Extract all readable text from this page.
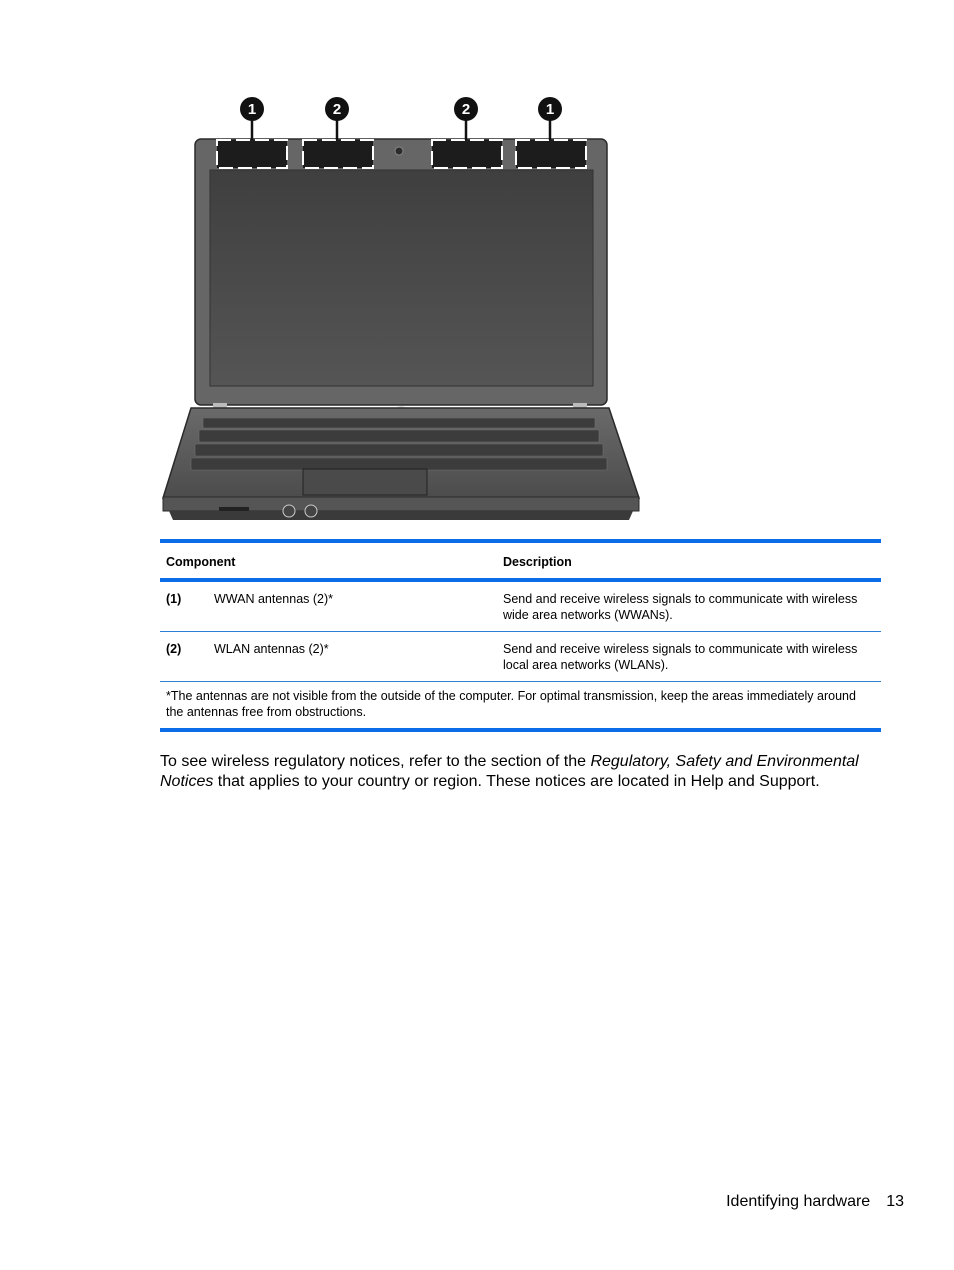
1	2	2	1

Component		Description

(1)	WWAN antennas (2)*	Send and receive wireless signals to communicate with wireless
wide area networks (WWANs).

(2)	WLAN antennas (2)*	Send and receive wireless signals to communicate with wireless
local area networks (WLANs).

*The antennas are not visible from the outside of the computer. For optimal transmission, keep the areas immediately around
the antennas free from obstructions.		

To see wireless regulatory notices, refer to the section of the Regulatory, Safety and Environmental Notices that applies to your country or region. These notices are located in Help and Support.

Identifying hardware 13
